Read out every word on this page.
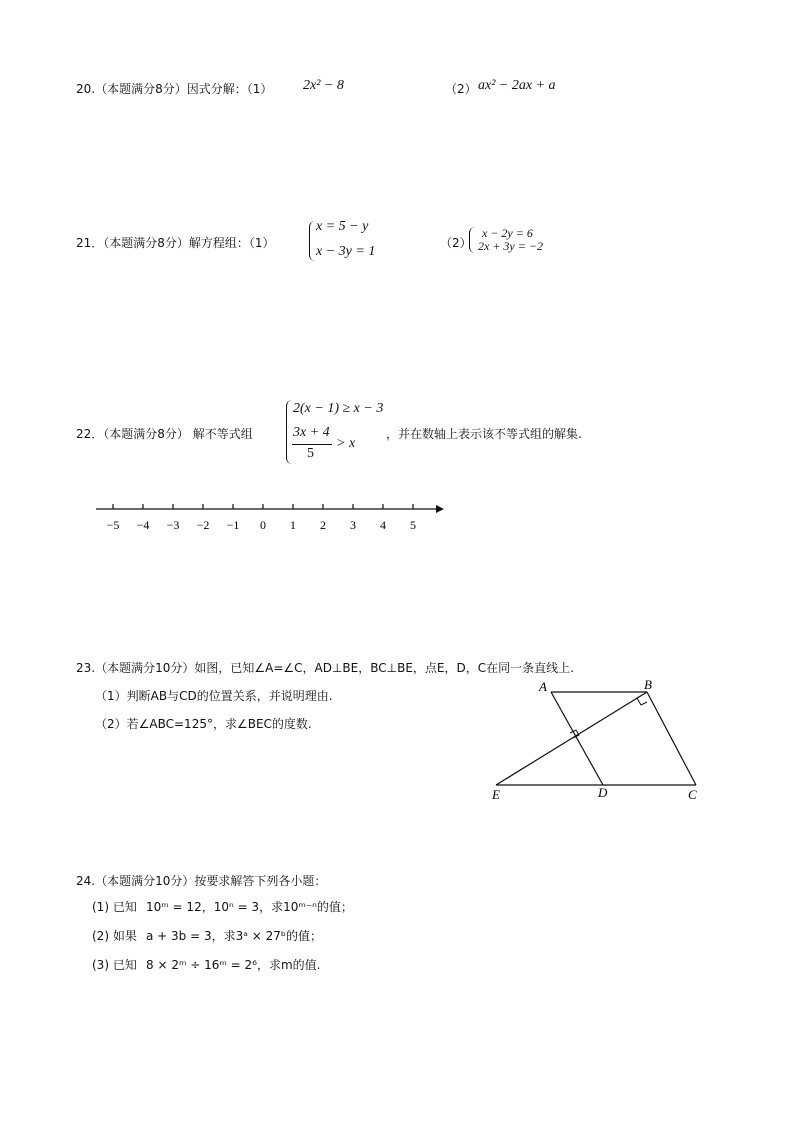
20.（本题满分8分）因式分解：（1） 2x² − 8	（2） ax² − 2ax + a
21．（本题满分8分）解方程组：（1）
x = 5 − y
x − 3y = 1
（2）
x − 2y = 6
2x + 3y = −2
22．（本题满分8分） 解不等式组
2(x − 1) ≥ x − 3
3x + 4
5
> x
，并在数轴上表示该不等式组的解集.
−5 −4 −3 −2 −1 0 1 2 3 4 5
23.（本题满分10分）如图，已知∠A=∠C，AD⊥BE，BC⊥BE，点E，D，C在同一条直线上.
（1）判断AB与CD的位置关系，并说明理由.
（2）若∠ABC=125°，求∠BEC的度数.
A	B
C
D
E
24.（本题满分10分）按要求解答下列各小题：
(1) 已知 10ᵐ = 12，10ⁿ = 3，求10ᵐ⁻ⁿ的值；
(2) 如果 a + 3b = 3，求3ᵃ × 27ᵇ的值；
(3) 已知 8 × 2ᵐ ÷ 16ᵐ = 2⁶，求m的值.
